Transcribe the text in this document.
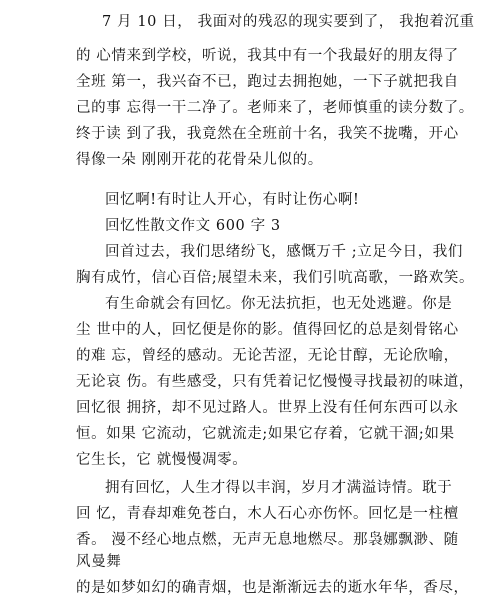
7 月 10 日， 我面对的残忍的现实要到了， 我抱着沉重
的 心情来到学校，听说，我其中有一个我最好的朋友得了
全班 第一，我兴奋不已，跑过去拥抱她，一下子就把我自
己的事 忘得一干二净了。老师来了，老师慎重的读分数了。
终于读 到了我，我竟然在全班前十名，我笑不拢嘴，开心
得像一朵 刚刚开花的花骨朵儿似的。
回忆啊!有时让人开心，有时让伤心啊!
回忆性散文作文 600 字 3
回首过去，我们思绪纷飞，感慨万千 ;立足今日，我们
胸有成竹，信心百倍;展望未来，我们引吭高歌，一路欢笑。
有生命就会有回忆。你无法抗拒，也无处逃避。你是
尘 世中的人，回忆便是你的影。值得回忆的总是刻骨铭心
的难 忘，曾经的感动。无论苦涩，无论甘醇，无论欣喻，
无论哀 伤。有些感受，只有凭着记忆慢慢寻找最初的味道，
回忆很 拥挤，却不见过路人。世界上没有任何东西可以永
恒。如果 它流动，它就流走;如果它存着，它就干涸;如果
它生长，它 就慢慢凋零。
拥有回忆，人生才得以丰润，岁月才满溢诗情。耽于
回 忆，青春却难免苍白，木人石心亦伤怀。回忆是一柱檀
香。 漫不经心地点燃，无声无息地燃尽。那袅娜飘渺、随
风曼舞
的是如梦如幻的确青烟，也是渐渐远去的逝水年华，香尽，
